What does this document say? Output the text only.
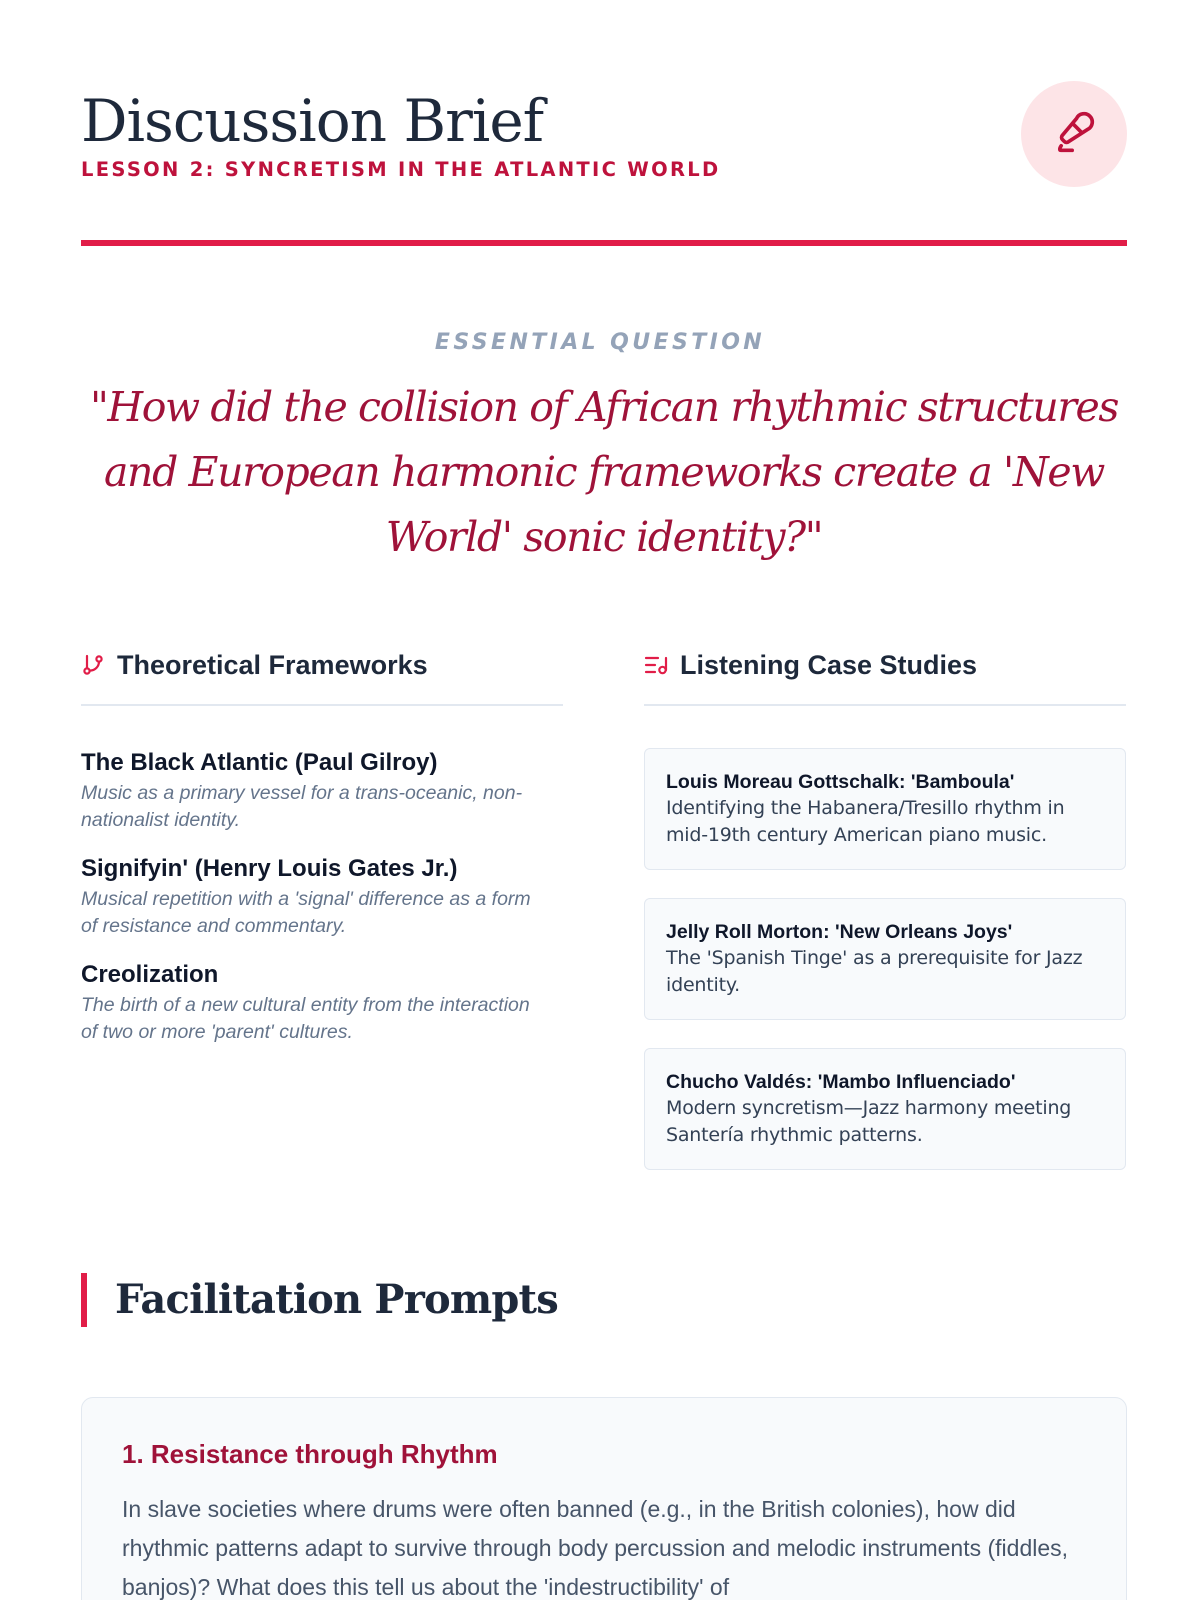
Discussion Brief
LESSON 2: SYNCRETISM IN THE ATLANTIC WORLD
ESSENTIAL QUESTION
"How did the collision of African rhythmic structures and European harmonic frameworks create a 'New World' sonic identity?"
Theoretical Frameworks
The Black Atlantic (Paul Gilroy)
Music as a primary vessel for a trans-oceanic, non-nationalist identity.
Signifyin' (Henry Louis Gates Jr.)
Musical repetition with a 'signal' difference as a form of resistance and commentary.
Creolization
The birth of a new cultural entity from the interaction of two or more 'parent' cultures.
Listening Case Studies
Louis Moreau Gottschalk: 'Bamboula'
Identifying the Habanera/Tresillo rhythm in mid-19th century American piano music.
Jelly Roll Morton: 'New Orleans Joys'
The 'Spanish Tinge' as a prerequisite for Jazz identity.
Chucho Valdés: 'Mambo Influenciado'
Modern syncretism—Jazz harmony meeting Santería rhythmic patterns.
Facilitation Prompts
1. Resistance through Rhythm
In slave societies where drums were often banned (e.g., in the British colonies), how did rhythmic patterns adapt to survive through body percussion and melodic instruments (fiddles, banjos)? What does this tell us about the 'indestructibility' of
